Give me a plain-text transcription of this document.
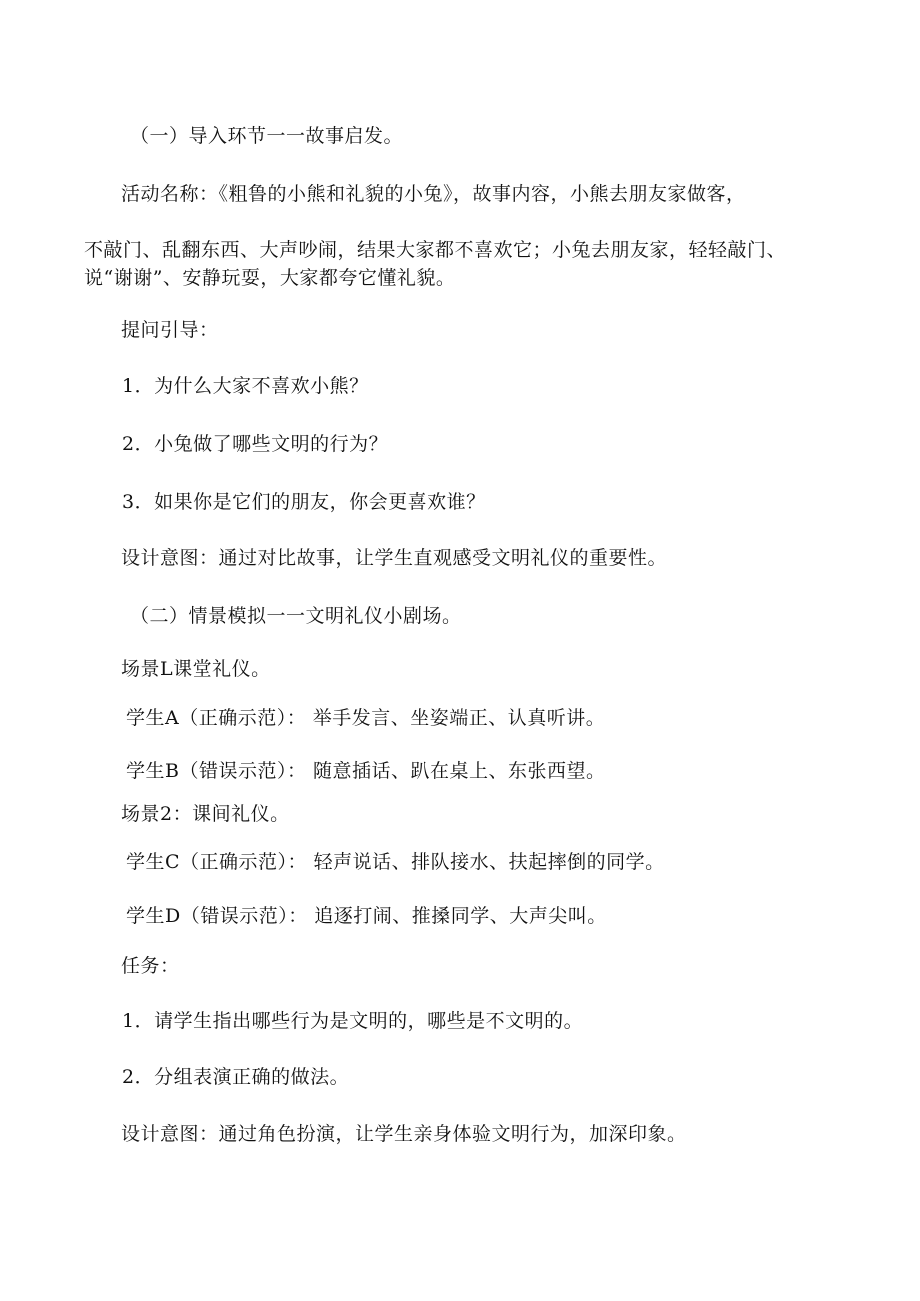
（一）导入环节一一故事启发。
活动名称：《粗鲁的小熊和礼貌的小兔》，故事内容，小熊去朋友家做客，
不敲门、乱翻东西、大声吵闹，结果大家都不喜欢它；小兔去朋友家，轻轻敲门、
说“谢谢”、安静玩耍，大家都夸它懂礼貌。
提问引导：
1．为什么大家不喜欢小熊？
2．小兔做了哪些文明的行为？
3．如果你是它们的朋友，你会更喜欢谁？
设计意图：通过对比故事，让学生直观感受文明礼仪的重要性。
（二）情景模拟一一文明礼仪小剧场。
场景L课堂礼仪。
学生A（正确示范）： 举手发言、坐姿端正、认真听讲。
学生B（错误示范）： 随意插话、趴在桌上、东张西望。
场景2：课间礼仪。
学生C（正确示范）： 轻声说话、排队接水、扶起摔倒的同学。
学生D（错误示范）： 追逐打闹、推搡同学、大声尖叫。
任务：
1．请学生指出哪些行为是文明的，哪些是不文明的。
2．分组表演正确的做法。
设计意图：通过角色扮演，让学生亲身体验文明行为，加深印象。
